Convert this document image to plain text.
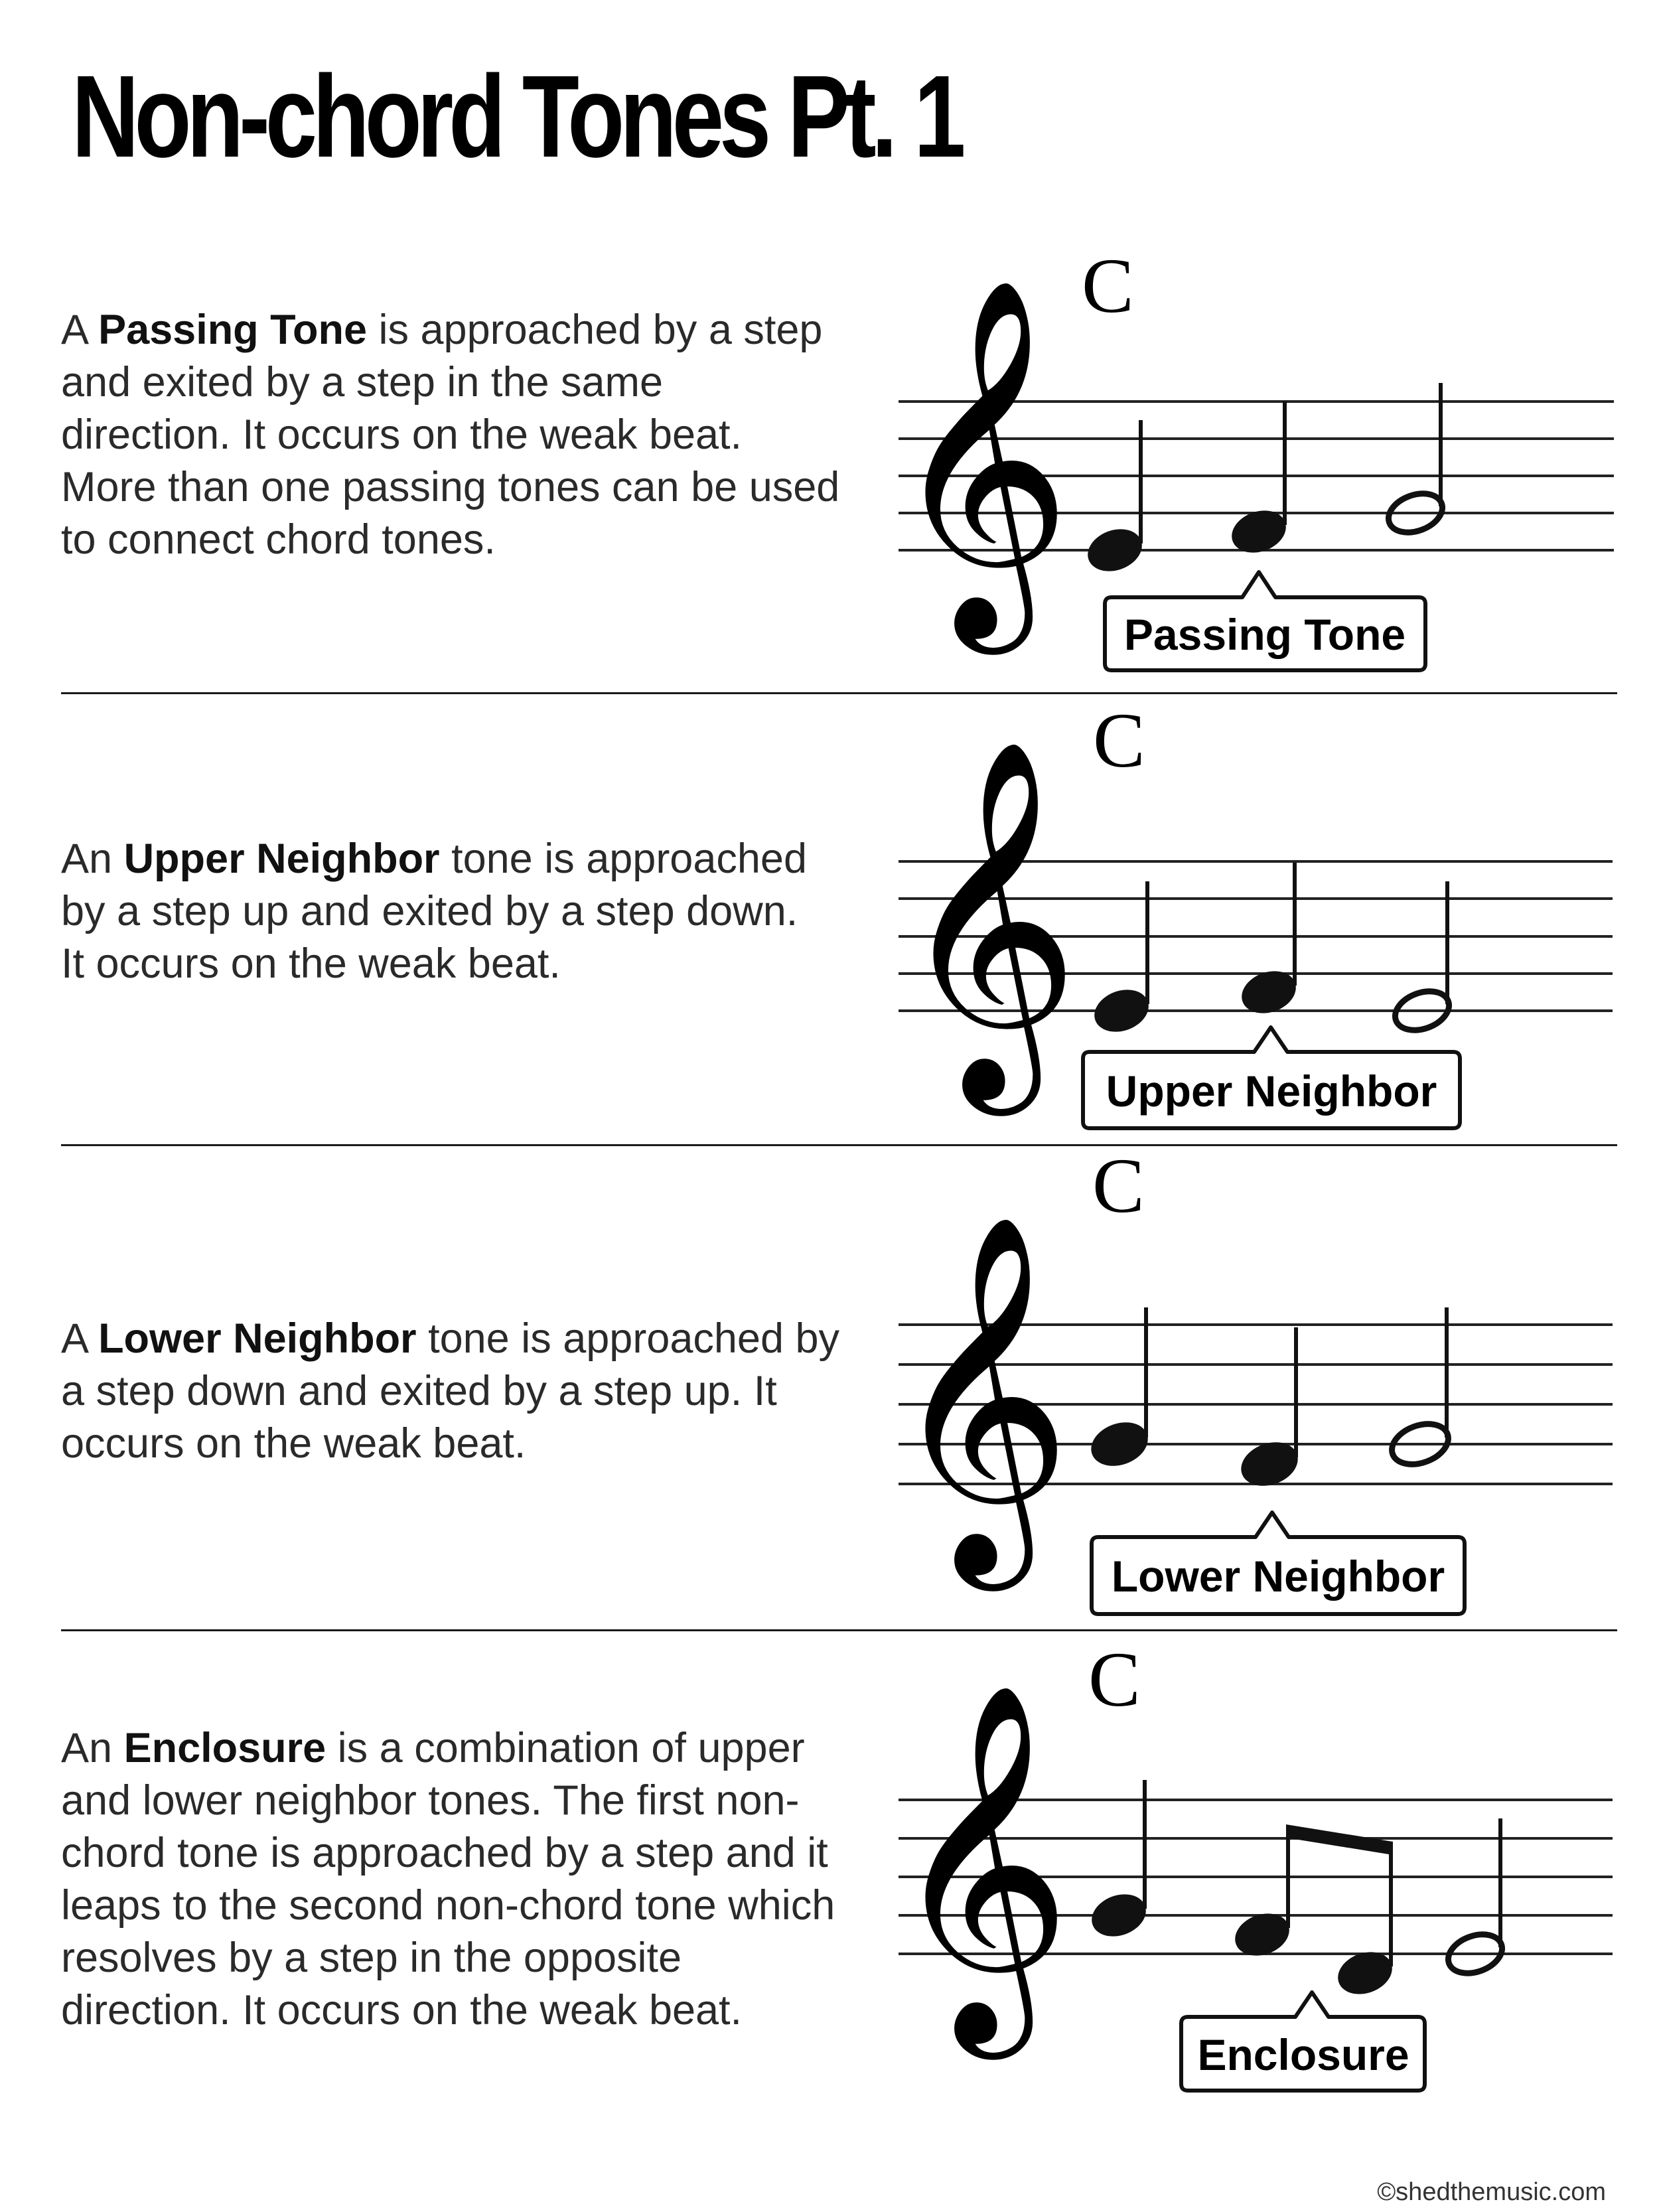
Non-chord Tones Pt. 1

A Passing Tone is approached by a step
and exited by a step in the same
direction. It occurs on the weak beat.
More than one passing tones can be used
to connect chord tones.

C
𝄞 Passing Tone

An Upper Neighbor tone is approached
by a step up and exited by a step down.
It occurs on the weak beat.

C
𝄞 Upper Neighbor

A Lower Neighbor tone is approached by
a step down and exited by a step up. It
occurs on the weak beat.

C
𝄞
Lower Neighbor

An Enclosure is a combination of upper
and lower neighbor tones. The first non-
chord tone is approached by a step and it
leaps to the second non-chord tone which
resolves by a step in the opposite
direction. It occurs on the weak beat.

C
𝄞
Enclosure
©shedthemusic.com
